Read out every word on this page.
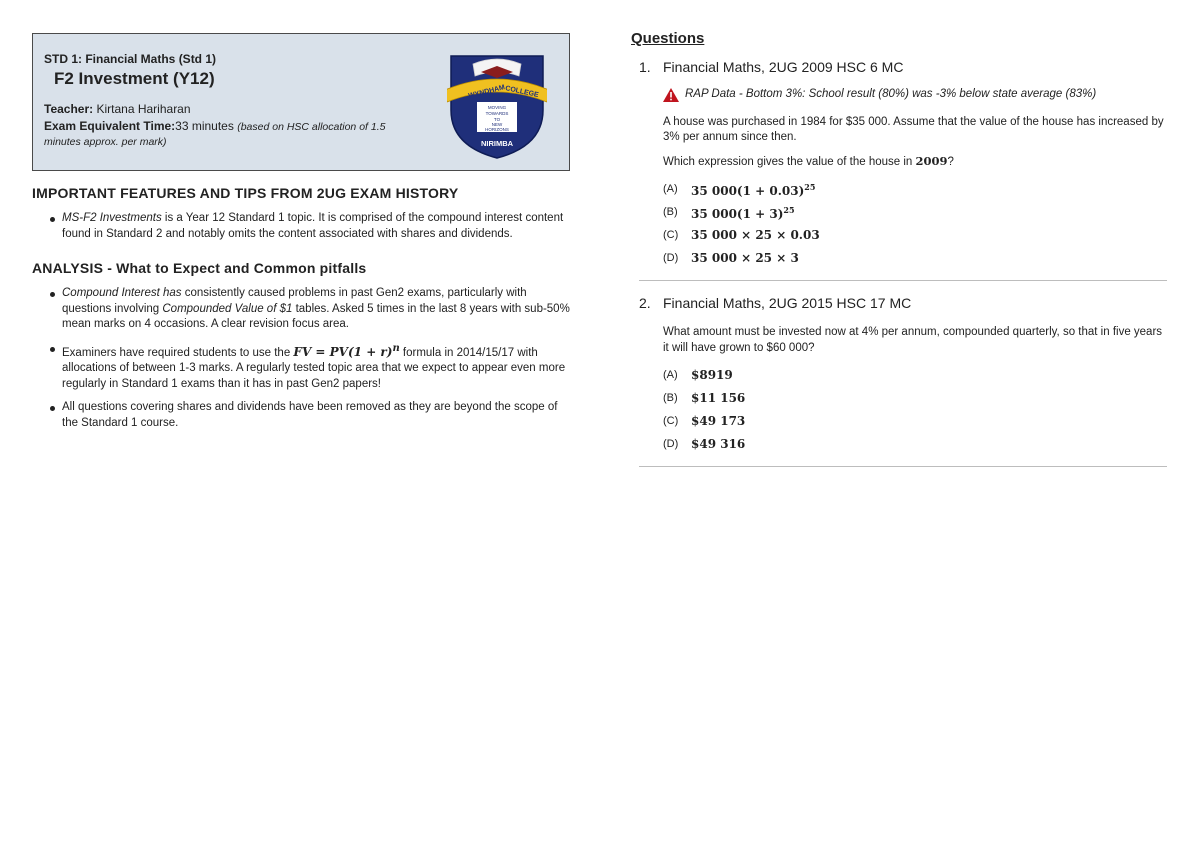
STD 1: Financial Maths (Std 1)
F2 Investment (Y12)
Teacher: Kirtana Hariharan
Exam Equivalent Time:33 minutes (based on HSC allocation of 1.5 minutes approx. per mark)
WYNDHAM
COLLEGE
MOVING
TOWARDS
TO
NEW
HORIZONS
NIRIMBA
IMPORTANT FEATURES AND TIPS FROM 2UG EXAM HISTORY
MS-F2 Investments is a Year 12 Standard 1 topic. It is comprised of the compound interest content found in Standard 2 and notably omits the content associated with shares and dividends.
ANALYSIS - What to Expect and Common pitfalls
Compound Interest has consistently caused problems in past Gen2 exams, particularly with questions involving Compounded Value of $1 tables. Asked 5 times in the last 8 years with sub-50% mean marks on 4 occasions. A clear revision focus area.
Examiners have required students to use the FV = $PV(1 + r)^n$ formula in 2014/15/17 with allocations of between 1-3 marks. A regularly tested topic area that we expect to appear even more regularly in Standard 1 exams than it has in past Gen2 papers!
All questions covering shares and dividends have been removed as they are beyond the scope of the Standard 1 course.
Questions
1. Financial Maths, 2UG 2009 HSC 6 MC
RAP Data - Bottom 3%: School result (80%) was -3% below state average (83%)

A house was purchased in 1984 for $35 000. Assume that the value of the house has increased by 3% per annum since then.

Which expression gives the value of the house in 2009?

(A)	35 $000(1 + 0.03)^{25}$
(B)	35 $000(1 + 3)^{25}$
(C)	35 000 × 25 × 0.03
(D)	35 000 × 25 × 3
2. Financial Maths, 2UG 2015 HSC 17 MC

What amount must be invested now at 4% per annum, compounded quarterly, so that in five years it will have grown to $60 000?

(A)	$8919
(B)	$11 156
(C)	$49 173
(D)	$49 316
